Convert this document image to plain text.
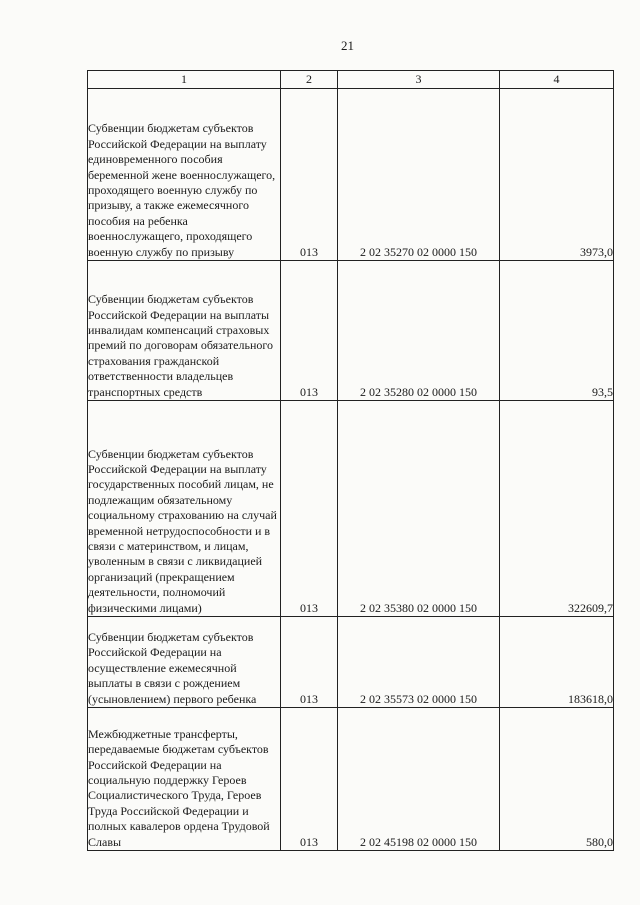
21
1	2	3	4

Субвенции бюджетам субъектов Российской Федерации на выплату единовременного пособия беременной жене военнослужащего, проходящего военную службу по призыву, а также ежемесячного пособия на ребенка военнослужащего, проходящего военную службу по призыву	013	2 02 35270 02 0000 150	3973,0

Субвенции бюджетам субъектов Российской Федерации на выплаты инвалидам компенсаций страховых премий по договорам обязательного страхования гражданской ответственности владельцев транспортных средств	013	2 02 35280 02 0000 150	93,5

Субвенции бюджетам субъектов Российской Федерации на выплату государственных пособий лицам, не подлежащим обязательному социальному страхованию на случай временной нетрудоспособности и в связи с материнством, и лицам, уволенным в связи с ликвидацией организаций (прекращением деятельности, полномочий физическими лицами)	013	2 02 35380 02 0000 150	322609,7

Субвенции бюджетам субъектов Российской Федерации на осуществление ежемесячной выплаты в связи с рождением (усыновлением) первого ребенка	013	2 02 35573 02 0000 150	183618,0

Межбюджетные трансферты, передаваемые бюджетам субъектов Российской Федерации на социальную поддержку Героев Социалистического Труда, Героев Труда Российской Федерации и полных кавалеров ордена Трудовой Славы	013	2 02 45198 02 0000 150	580,0
